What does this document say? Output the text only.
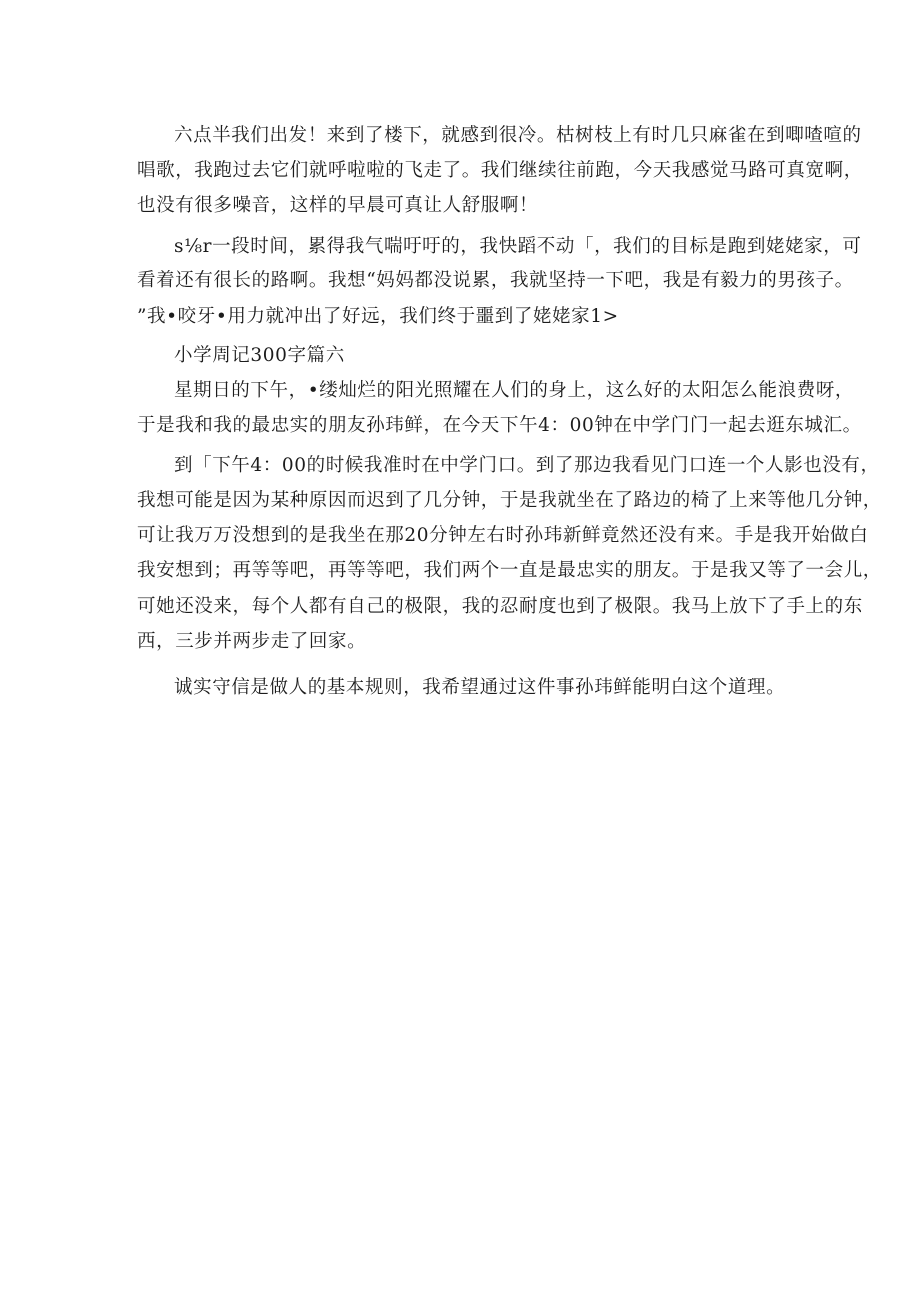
六点半我们出发！来到了楼下，就感到很冷。枯树枝上有时几只麻雀在到唧喳喧的
唱歌，我跑过去它们就呼啦啦的飞走了。我们继续往前跑，今天我感觉马路可真宽啊，
也没有很多噪音，这样的早晨可真让人舒服啊！
s⅛r一段时间，累得我气喘吁吁的，我快蹈不动「，我们的目标是跑到姥姥家，可
看着还有很长的路啊。我想“妈妈都没说累，我就坚持一下吧，我是有毅力的男孩子。
”我•咬牙•用力就冲出了好远，我们终于噩到了姥姥家1>
小学周记300字篇六
星期日的下午，•缕灿烂的阳光照耀在人们的身上，这么好的太阳怎么能浪费呀，
于是我和我的最忠实的朋友孙玮鲜，在今天下午4：00钟在中学门门一起去逛东城汇。
到「下午4：00的时候我准时在中学门口。到了那边我看见门口连一个人影也没有，
我想可能是因为某种原因而迟到了几分钟，于是我就坐在了路边的椅了上来等他几分钟，
可让我万万没想到的是我坐在那20分钟左右时孙玮新鲜竟然还没有来。手是我开始做白
我安想到；再等等吧，再等等吧，我们两个一直是最忠实的朋友。于是我又等了一会儿，
可她还没来，每个人都有自己的极限，我的忍耐度也到了极限。我马上放下了手上的东
西，三步并两步走了回家。
诚实守信是做人的基本规则，我希望通过这件事孙玮鲜能明白这个道理。
